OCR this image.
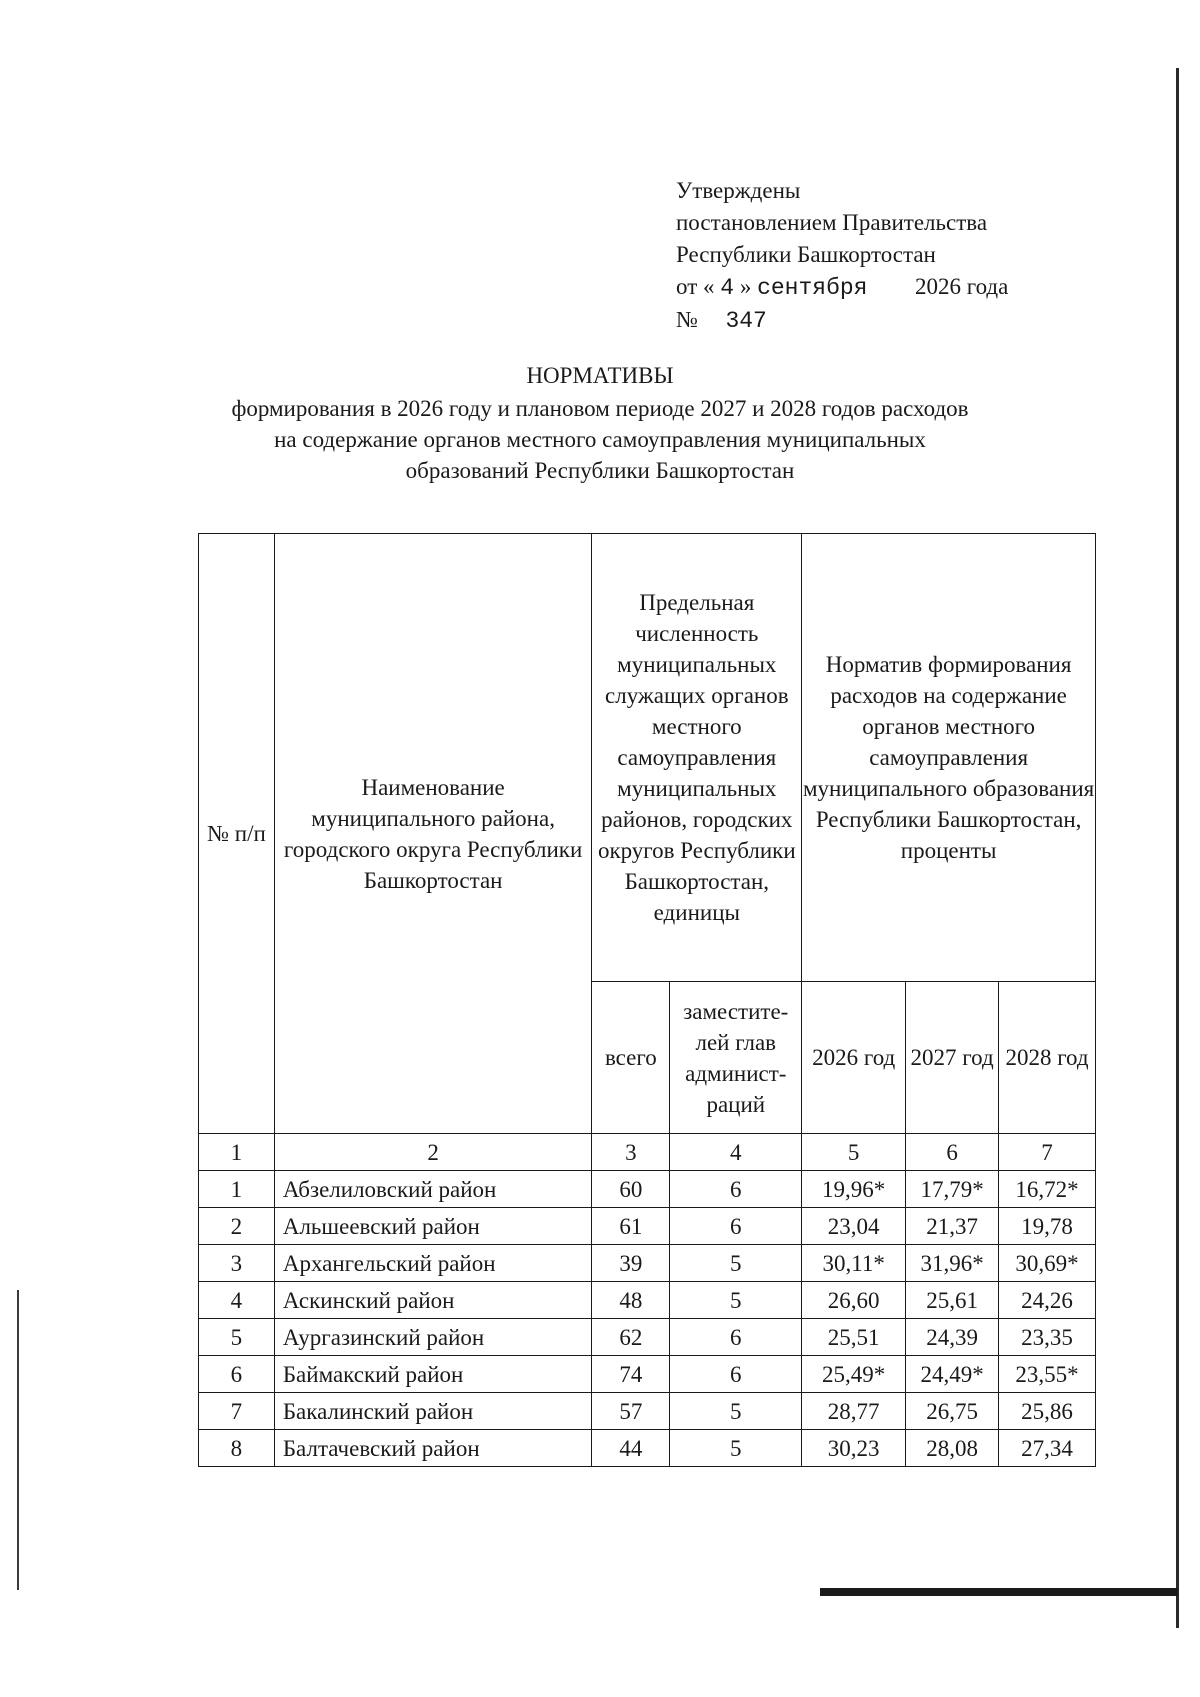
Утверждены
постановлением Правительства
Республики Башкортостан
от « 4 » сентября 2026 года
№ 347
НОРМАТИВЫ
формирования в 2026 году и плановом периоде 2027 и 2028 годов расходов
на содержание органов местного самоуправления муниципальных
образований Республики Башкортостан
№ п/п	Наименование муниципального района, городского округа Республики Башкортостан	Предельная численность муниципальных служащих органов местного самоуправления муниципальных районов, городских округов Республики Башкортостан, единицы		Норматив формирования расходов на содержание органов местного самоуправления муниципального образования Республики Башкортостан, проценты		
		всего	заместите-лей глав админист-раций	2026 год	2027 год	2028 год
1	2	3	4	5	6	7
1	Абзелиловский район	60	6	19,96*	17,79*	16,72*
2	Альшеевский район	61	6	23,04	21,37	19,78
3	Архангельский район	39	5	30,11*	31,96*	30,69*
4	Аскинский район	48	5	26,60	25,61	24,26
5	Аургазинский район	62	6	25,51	24,39	23,35
6	Баймакский район	74	6	25,49*	24,49*	23,55*
7	Бакалинский район	57	5	28,77	26,75	25,86
8	Балтачевский район	44	5	30,23	28,08	27,34
